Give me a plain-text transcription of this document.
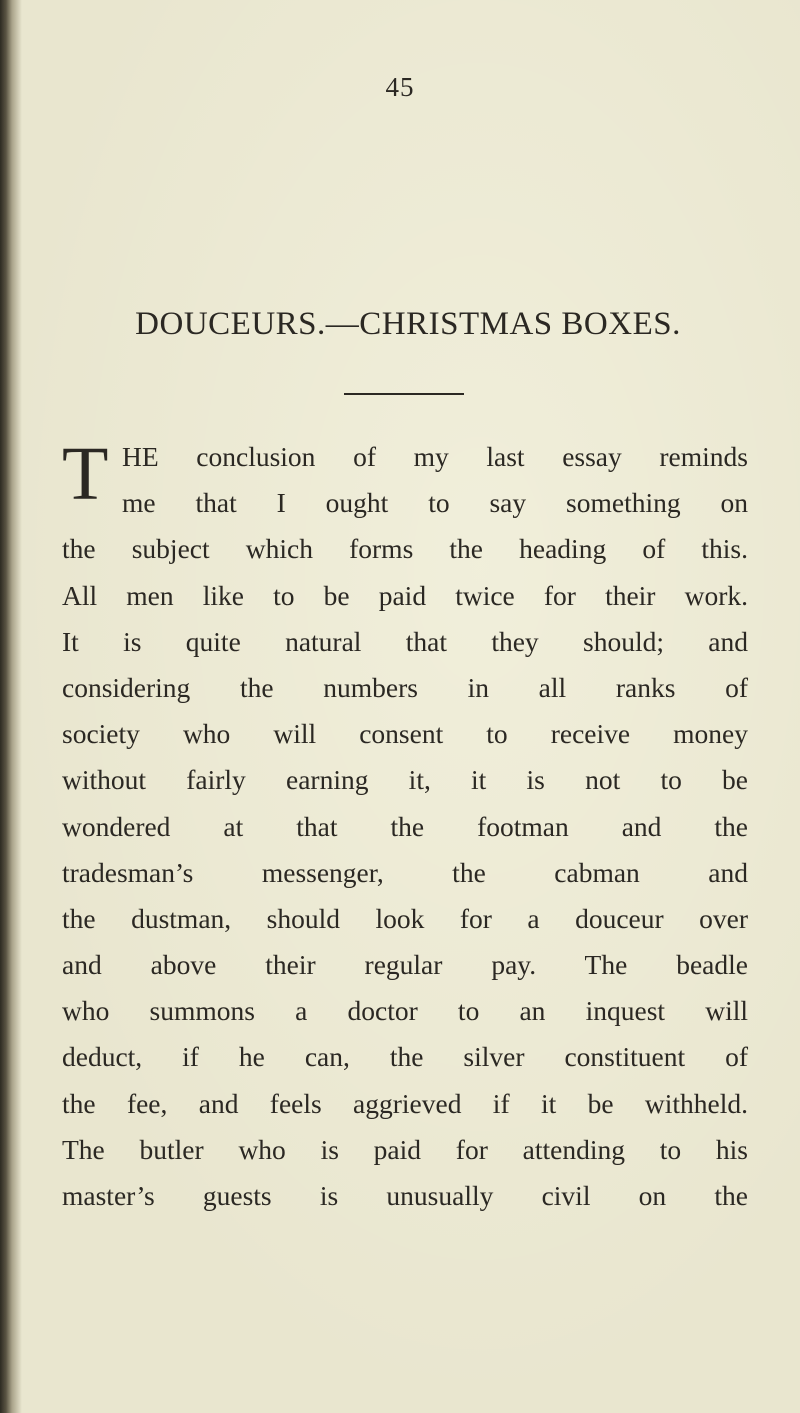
45
DOUCEURS.—CHRISTMAS BOXES.
T HE conclusion of my last essay reminds
me that I ought to say something on
the subject which forms the heading of this.
All men like to be paid twice for their work.
It is quite natural that they should; and
considering the numbers in all ranks of
society who will consent to receive money
without fairly earning it, it is not to be
wondered at that the footman and the
tradesman’s messenger, the cabman and
the dustman, should look for a douceur over
and above their regular pay. The beadle
who summons a doctor to an inquest will
deduct, if he can, the silver constituent of
the fee, and feels aggrieved if it be withheld.
The butler who is paid for attending to his
master’s guests is unusually civil on the
